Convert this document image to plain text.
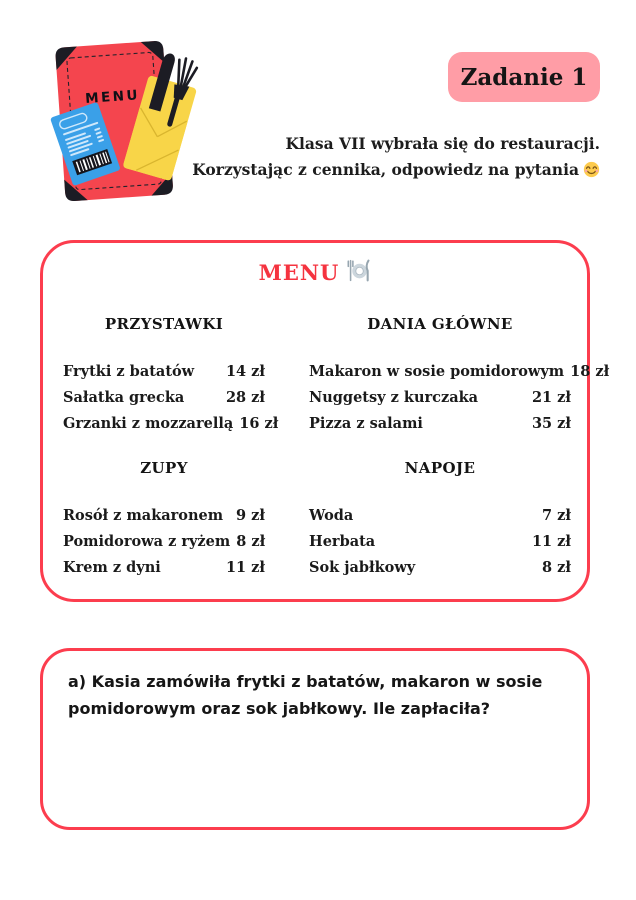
MENU
Zadanie 1
Klasa VII wybrała się do restauracji.
Korzystając z cennika, odpowiedz na pytania
MENU
PRZYSTAWKI
Frytki z batatów 14 zł
Sałatka grecka	28 zł
Grzanki z mozzarellą 16 zł
ZUPY
Rosół z makaronem 9 zł
Pomidorowa z ryżem 8 zł
Krem z dyni	11 zł
DANIA GŁÓWNE
Makaron w sosie pomidorowym 18 zł
Nuggetsy z kurczaka	21 zł
Pizza z salami	35 zł
NAPOJE
Woda	7 zł
Herbata	11 zł
Sok jabłkowy	8 zł
a) Kasia zamówiła frytki z batatów, makaron w sosie pomidorowym oraz sok jabłkowy. Ile zapłaciła?
